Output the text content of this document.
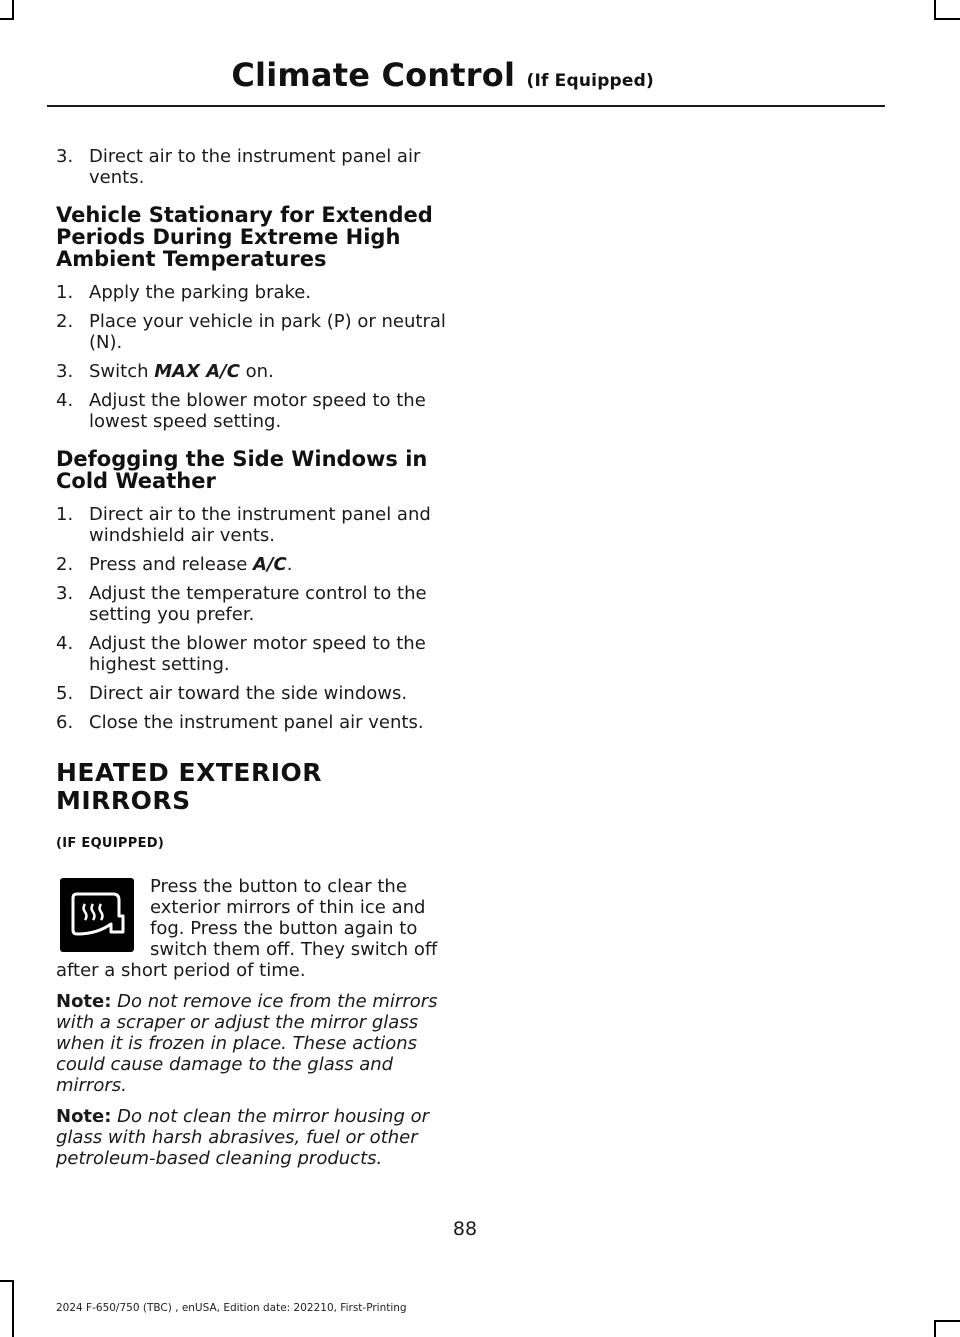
Climate Control (If Equipped)
3. Direct air to the instrument panel air vents.
Vehicle Stationary for Extended Periods During Extreme High Ambient Temperatures
1. Apply the parking brake.
2. Place your vehicle in park (P) or neutral (N).
3. Switch MAX A/C on.
4. Adjust the blower motor speed to the lowest speed setting.
Defogging the Side Windows in Cold Weather
1. Direct air to the instrument panel and windshield air vents.
2. Press and release A/C.
3. Adjust the temperature control to the setting you prefer.
4. Adjust the blower motor speed to the highest setting.
5. Direct air toward the side windows.
6. Close the instrument panel air vents.
HEATED EXTERIOR MIRRORS
(IF EQUIPPED)
Press the button to clear the exterior mirrors of thin ice and fog. Press the button again to switch them off. They switch off after a short period of time.

Note: Do not remove ice from the mirrors with a scraper or adjust the mirror glass when it is frozen in place. These actions could cause damage to the glass and mirrors.

Note: Do not clean the mirror housing or glass with harsh abrasives, fuel or other petroleum-based cleaning products.

88
2024 F-650/750 (TBC) , enUSA, Edition date: 202210, First-Printing
